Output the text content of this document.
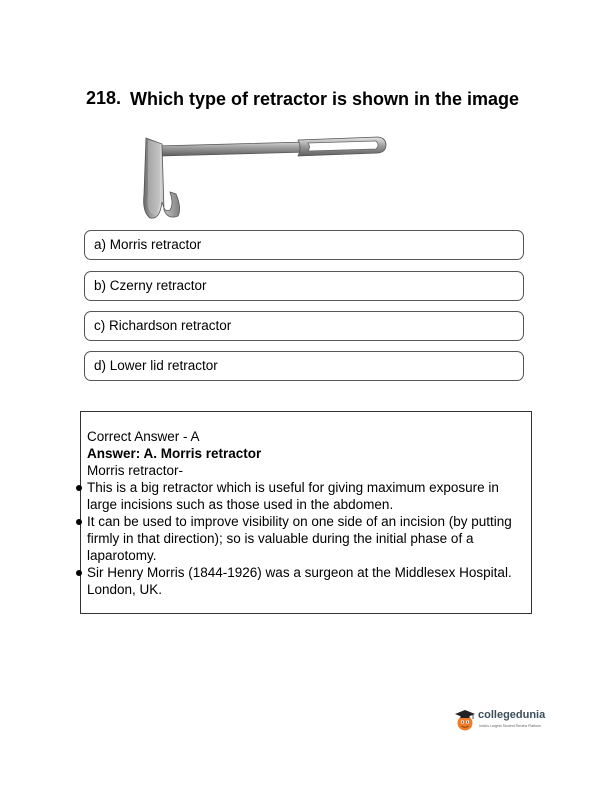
218. Which type of retractor is shown in the image
a) Morris retractor
b) Czerny retractor
c) Richardson retractor
d) Lower lid retractor
Correct Answer - A
Answer: A. Morris retractor
Morris retractor-
This is a big retractor which is useful for giving maximum exposure in large incisions such as those used in the abdomen.
It can be used to improve visibility on one side of an incision (by putting firmly in that direction); so is valuable during the initial phase of a laparotomy.
Sir Henry Morris (1844-1926) was a surgeon at the Middlesex Hospital. London, UK.
collegedunia
India's Largest Student Review Platform
